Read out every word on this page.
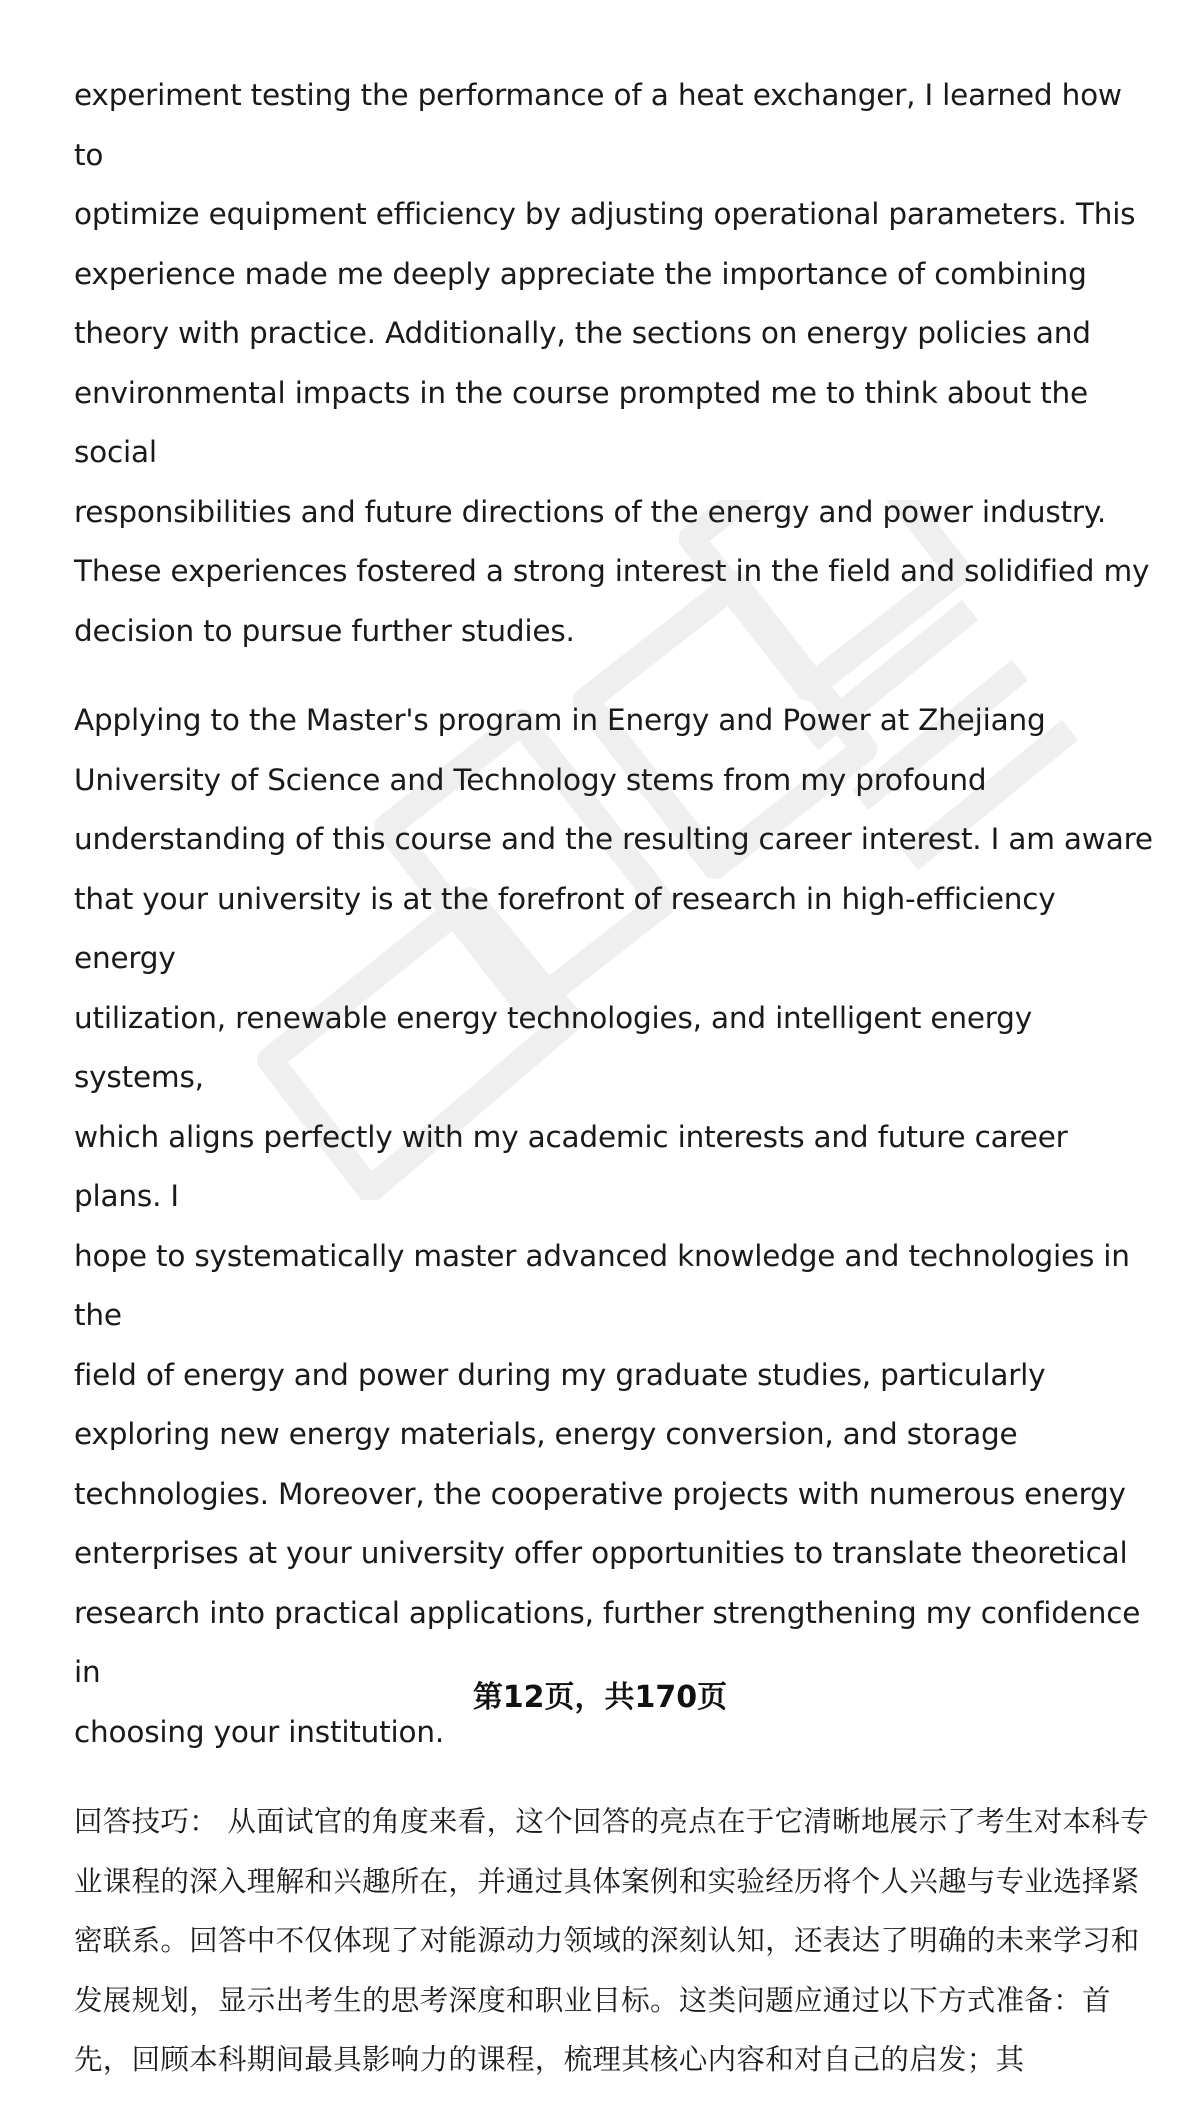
experiment testing the performance of a heat exchanger, I learned how to
optimize equipment efficiency by adjusting operational parameters. This
experience made me deeply appreciate the importance of combining
theory with practice. Additionally, the sections on energy policies and
environmental impacts in the course prompted me to think about the social
responsibilities and future directions of the energy and power industry.
These experiences fostered a strong interest in the field and solidified my
decision to pursue further studies.

Applying to the Master's program in Energy and Power at Zhejiang
University of Science and Technology stems from my profound
understanding of this course and the resulting career interest. I am aware
that your university is at the forefront of research in high-efficiency energy
utilization, renewable energy technologies, and intelligent energy systems,
which aligns perfectly with my academic interests and future career plans. I
hope to systematically master advanced knowledge and technologies in the
field of energy and power during my graduate studies, particularly
exploring new energy materials, energy conversion, and storage
technologies. Moreover, the cooperative projects with numerous energy
enterprises at your university offer opportunities to translate theoretical
research into practical applications, further strengthening my confidence in
choosing your institution.

回答技巧： 从面试官的角度来看，这个回答的亮点在于它清晰地展示了考生对本科专业课程的深入理解和兴趣所在，并通过具体案例和实验经历将个人兴趣与专业选择紧密联系。回答中不仅体现了对能源动力领域的深刻认知，还表达了明确的未来学习和发展规划，显示出考生的思考深度和职业目标。这类问题应通过以下方式准备：首先，回顾本科期间最具影响力的课程，梳理其核心内容和对自己的启发；其

第12页，共170页
